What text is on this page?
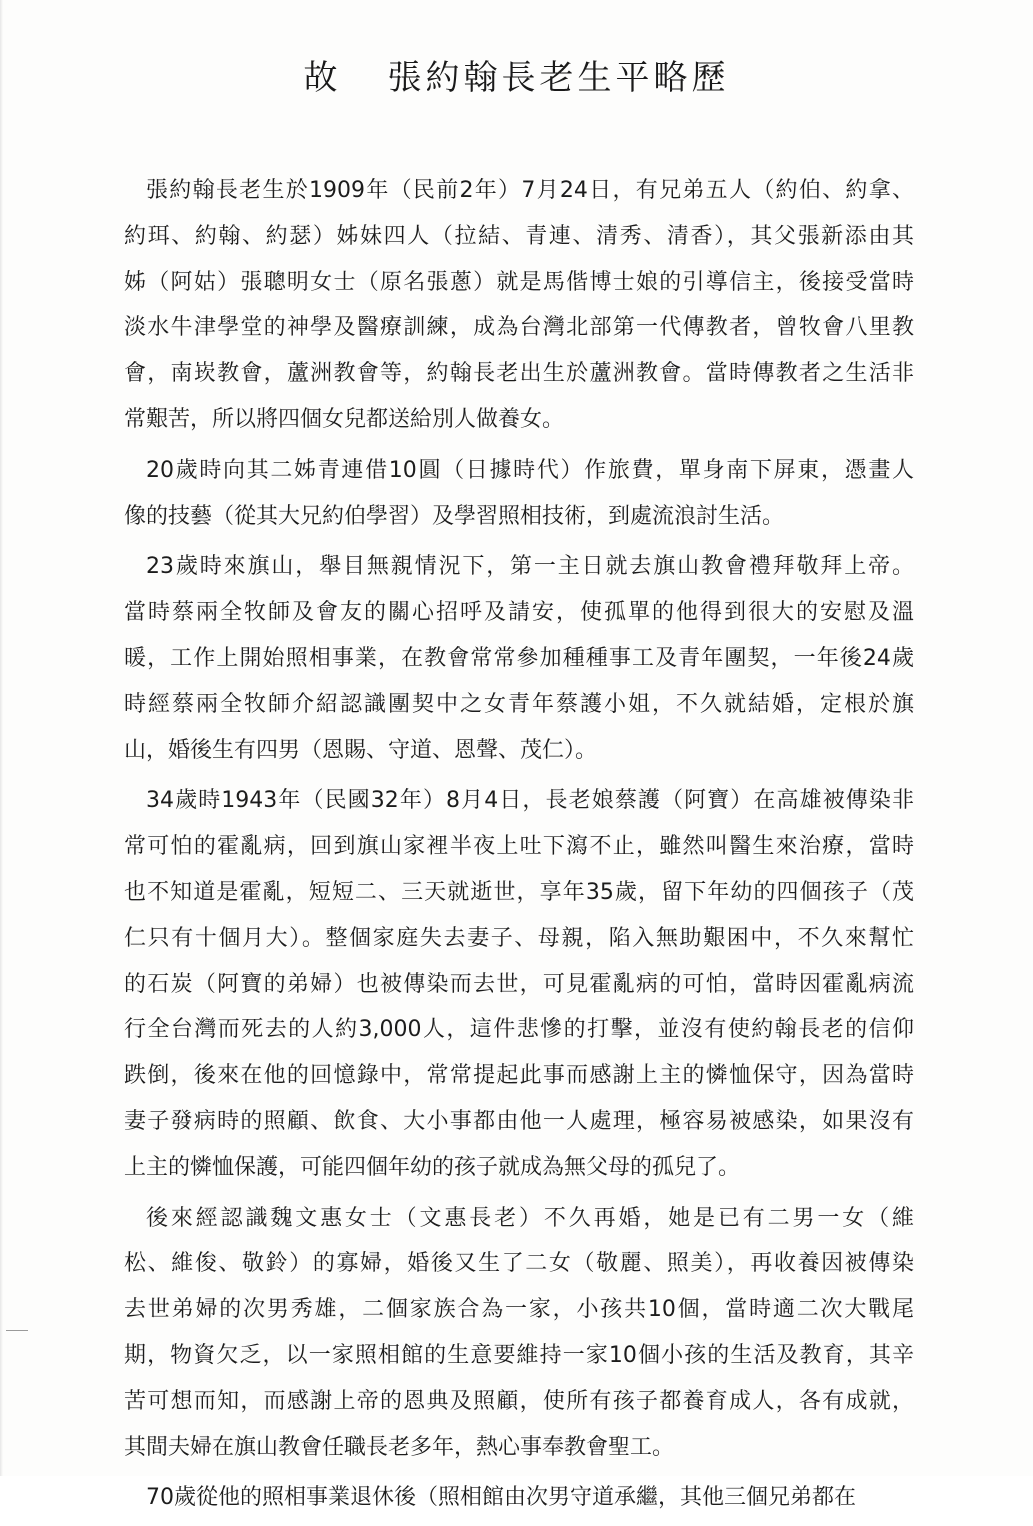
故 張約翰長老生平略歷
張約翰長老生於1909年（民前2年）7月24日，有兄弟五人（約伯、約拿、
約珥、約翰、約瑟）姊妹四人（拉結、青連、清秀、清香），其父張新添由其
姊（阿姑）張聰明女士（原名張蔥）就是馬偕博士娘的引導信主，後接受當時
淡水牛津學堂的神學及醫療訓練，成為台灣北部第一代傳教者，曾牧會八里教
會，南崁教會，蘆洲教會等，約翰長老出生於蘆洲教會。當時傳教者之生活非
常艱苦，所以將四個女兒都送給別人做養女。
20歲時向其二姊青連借10圓（日據時代）作旅費，單身南下屏東，憑畫人
像的技藝（從其大兄約伯學習）及學習照相技術，到處流浪討生活。
23歲時來旗山，舉目無親情況下，第一主日就去旗山教會禮拜敬拜上帝。
當時蔡兩全牧師及會友的關心招呼及請安，使孤單的他得到很大的安慰及溫
暖，工作上開始照相事業，在教會常常參加種種事工及青年團契，一年後24歲
時經蔡兩全牧師介紹認識團契中之女青年蔡護小姐，不久就結婚，定根於旗
山，婚後生有四男（恩賜、守道、恩聲、茂仁）。
34歲時1943年（民國32年）8月4日，長老娘蔡護（阿寶）在高雄被傳染非
常可怕的霍亂病，回到旗山家裡半夜上吐下瀉不止，雖然叫醫生來治療，當時
也不知道是霍亂，短短二、三天就逝世，享年35歲，留下年幼的四個孩子（茂
仁只有十個月大）。整個家庭失去妻子、母親，陷入無助艱困中，不久來幫忙
的石炭（阿寶的弟婦）也被傳染而去世，可見霍亂病的可怕，當時因霍亂病流
行全台灣而死去的人約3,000人，這件悲慘的打擊，並沒有使約翰長老的信仰
跌倒，後來在他的回憶錄中，常常提起此事而感謝上主的憐恤保守，因為當時
妻子發病時的照顧、飲食、大小事都由他一人處理，極容易被感染，如果沒有
上主的憐恤保護，可能四個年幼的孩子就成為無父母的孤兒了。
後來經認識魏文惠女士（文惠長老）不久再婚，她是已有二男一女（維
松、維俊、敬鈴）的寡婦，婚後又生了二女（敬麗、照美），再收養因被傳染
去世弟婦的次男秀雄，二個家族合為一家，小孩共10個，當時適二次大戰尾
期，物資欠乏，以一家照相館的生意要維持一家10個小孩的生活及教育，其辛
苦可想而知，而感謝上帝的恩典及照顧，使所有孩子都養育成人，各有成就，
其間夫婦在旗山教會任職長老多年，熱心事奉教會聖工。
70歲從他的照相事業退休後（照相館由次男守道承繼，其他三個兄弟都在
